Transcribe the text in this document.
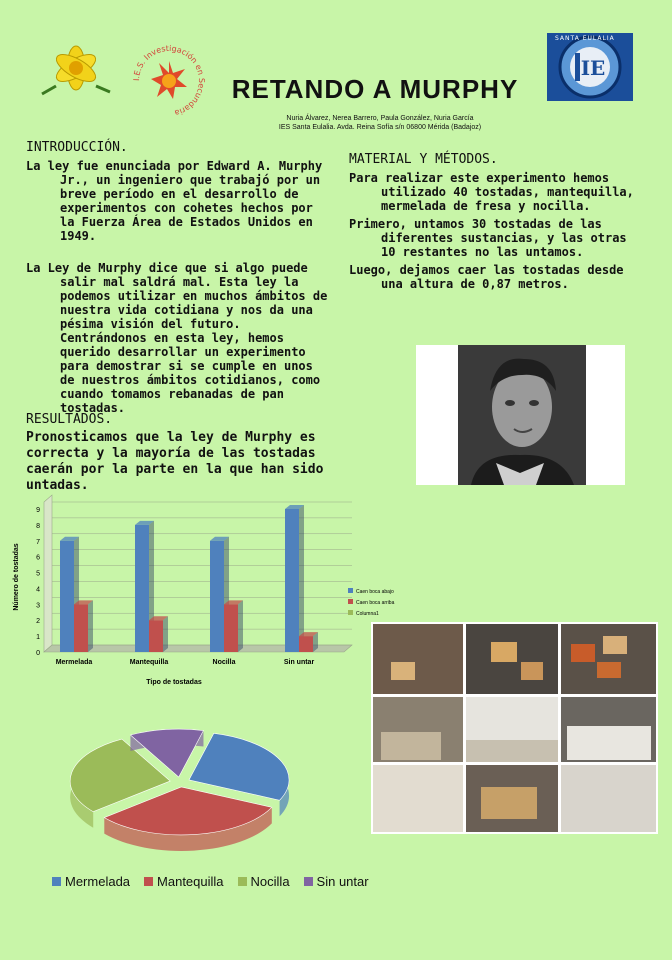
I.E.S. Investigación en Secundaria
IE
SANTA EULALIA
RETANDO A MURPHY
Nuria Álvarez, Nerea Barrero, Paula González, Nuria García
IES Santa Eulalia. Avda. Reina Sofía s/n 06800 Mérida (Badajoz)
INTRODUCCIÓN.

La ley fue enunciada por Edward A. Murphy Jr., un ingeniero que trabajó por un breve período en el desarrollo de experimentos con cohetes hechos por la Fuerza Área de Estados Unidos en 1949.

La Ley de Murphy dice que si algo puede salir mal saldrá mal. Esta ley la podemos utilizar en muchos ámbitos de nuestra vida cotidiana y nos da una pésima visión del futuro. Centrándonos en esta ley, hemos querido desarrollar un experimento para demostrar si se cumple en unos de nuestros ámbitos cotidianos, como cuando tomamos rebanadas de pan tostadas.

MATERIAL Y MÉTODOS.

Para realizar este experimento hemos utilizado 40 tostadas, mantequilla, mermelada de fresa y nocilla.

Primero, untamos 30 tostadas de las diferentes sustancias, y las otras 10 restantes no las untamos.

Luego, dejamos caer las tostadas desde una altura de 0,87 metros.

RESULTADOS.

Pronosticamos que la ley de Murphy es correcta y la mayoría de las tostadas caerán por la parte en la que han sido untadas.

0
1
2
3
4
5
6
7
8
9
Mermelada	Mantequilla	Nocilla	Sin untar
Tipo de tostadas
Número de tostadas	Caen boca abajo
Caen boca arriba
Columna1
Mermelada Mantequilla Nocilla Sin untar
